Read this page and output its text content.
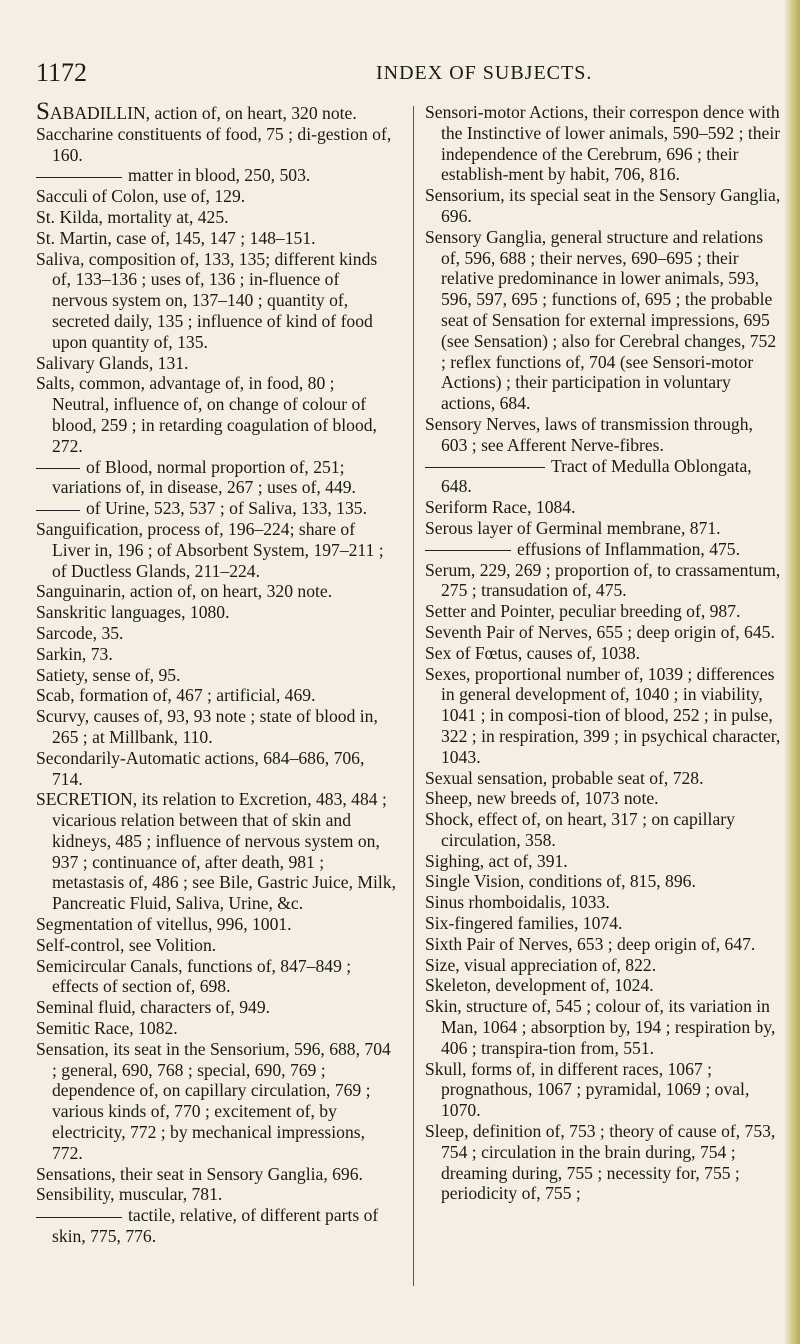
1172	INDEX OF SUBJECTS.
SABADILLIN, action of, on heart, 320 note.
Saccharine constituents of food, 75 ; di-gestion of, 160.
matter in blood, 250, 503.
Sacculi of Colon, use of, 129.
St. Kilda, mortality at, 425.
St. Martin, case of, 145, 147 ; 148–151.
Saliva, composition of, 133, 135; different kinds of, 133–136 ; uses of, 136 ; in-fluence of nervous system on, 137–140 ; quantity of, secreted daily, 135 ; influence of kind of food upon quantity of, 135.
Salivary Glands, 131.
Salts, common, advantage of, in food, 80 ; Neutral, influence of, on change of colour of blood, 259 ; in retarding coagulation of blood, 272.
of Blood, normal proportion of, 251; variations of, in disease, 267 ; uses of, 449.
of Urine, 523, 537 ; of Saliva, 133, 135.
Sanguification, process of, 196–224; share of Liver in, 196 ; of Absorbent System, 197–211 ; of Ductless Glands, 211–224.
Sanguinarin, action of, on heart, 320 note.
Sanskritic languages, 1080.
Sarcode, 35.
Sarkin, 73.
Satiety, sense of, 95.
Scab, formation of, 467 ; artificial, 469.
Scurvy, causes of, 93, 93 note ; state of blood in, 265 ; at Millbank, 110.
Secondarily-Automatic actions, 684–686, 706, 714.
SECRETION, its relation to Excretion, 483, 484 ; vicarious relation between that of skin and kidneys, 485 ; influence of nervous system on, 937 ; continuance of, after death, 981 ; metastasis of, 486 ; see Bile, Gastric Juice, Milk, Pancreatic Fluid, Saliva, Urine, &c.
Segmentation of vitellus, 996, 1001.
Self-control, see Volition.
Semicircular Canals, functions of, 847–849 ; effects of section of, 698.
Seminal fluid, characters of, 949.
Semitic Race, 1082.
Sensation, its seat in the Sensorium, 596, 688, 704 ; general, 690, 768 ; special, 690, 769 ; dependence of, on capillary circulation, 769 ; various kinds of, 770 ; excitement of, by electricity, 772 ; by mechanical impressions, 772.
Sensations, their seat in Sensory Ganglia, 696.
Sensibility, muscular, 781.
tactile, relative, of different parts of skin, 775, 776.
Sensori-motor Actions, their correspon dence with the Instinctive of lower animals, 590–592 ; their independence of the Cerebrum, 696 ; their establish-ment by habit, 706, 816.
Sensorium, its special seat in the Sensory Ganglia, 696.
Sensory Ganglia, general structure and relations of, 596, 688 ; their nerves, 690–695 ; their relative predominance in lower animals, 593, 596, 597, 695 ; functions of, 695 ; the probable seat of Sensation for external impressions, 695 (see Sensation) ; also for Cerebral changes, 752 ; reflex functions of, 704 (see Sensori-motor Actions) ; their participation in voluntary actions, 684.
Sensory Nerves, laws of transmission through, 603 ; see Afferent Nerve-fibres.
Tract of Medulla Oblongata, 648.
Seriform Race, 1084.
Serous layer of Germinal membrane, 871.
effusions of Inflammation, 475.
Serum, 229, 269 ; proportion of, to crassamentum, 275 ; transudation of, 475.
Setter and Pointer, peculiar breeding of, 987.
Seventh Pair of Nerves, 655 ; deep origin of, 645.
Sex of Fœtus, causes of, 1038.
Sexes, proportional number of, 1039 ; differences in general development of, 1040 ; in viability, 1041 ; in composi-tion of blood, 252 ; in pulse, 322 ; in respiration, 399 ; in psychical character, 1043.
Sexual sensation, probable seat of, 728.
Sheep, new breeds of, 1073 note.
Shock, effect of, on heart, 317 ; on capillary circulation, 358.
Sighing, act of, 391.
Single Vision, conditions of, 815, 896.
Sinus rhomboidalis, 1033.
Six-fingered families, 1074.
Sixth Pair of Nerves, 653 ; deep origin of, 647.
Size, visual appreciation of, 822.
Skeleton, development of, 1024.
Skin, structure of, 545 ; colour of, its variation in Man, 1064 ; absorption by, 194 ; respiration by, 406 ; transpira-tion from, 551.
Skull, forms of, in different races, 1067 ; prognathous, 1067 ; pyramidal, 1069 ; oval, 1070.
Sleep, definition of, 753 ; theory of cause of, 753, 754 ; circulation in the brain during, 754 ; dreaming during, 755 ; necessity for, 755 ; periodicity of, 755 ;
